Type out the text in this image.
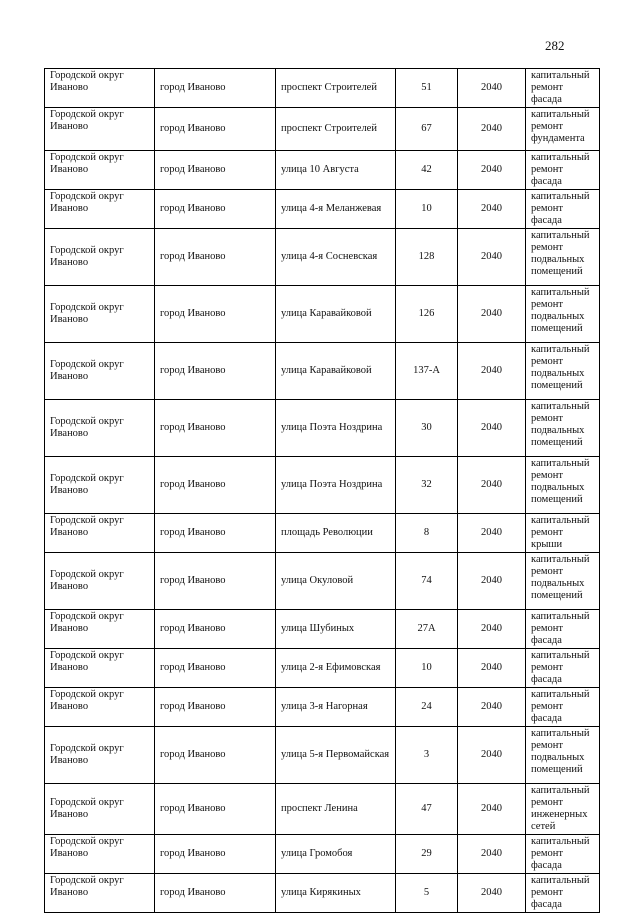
282
Городской округ Иваново	город Иваново	проспект Строителей	51	2040	капитальный ремонт фасада
Городской округ Иваново	город Иваново	проспект Строителей	67	2040	капитальный ремонт фундамента
Городской округ Иваново	город Иваново	улица 10 Августа	42	2040	капитальный ремонт фасада
Городской округ Иваново	город Иваново	улица 4-я Меланжевая	10	2040	капитальный ремонт фасада
Городской округ Иваново	город Иваново	улица 4-я Сосневская	128	2040	капитальный ремонт подвальных помещений
Городской округ Иваново	город Иваново	улица Каравайковой	126	2040	капитальный ремонт подвальных помещений
Городской округ Иваново	город Иваново	улица Каравайковой	137-А	2040	капитальный ремонт подвальных помещений
Городской округ Иваново	город Иваново	улица Поэта Ноздрина	30	2040	капитальный ремонт подвальных помещений
Городской округ Иваново	город Иваново	улица Поэта Ноздрина	32	2040	капитальный ремонт подвальных помещений
Городской округ Иваново	город Иваново	площадь Революции	8	2040	капитальный ремонт крыши
Городской округ Иваново	город Иваново	улица Окуловой	74	2040	капитальный ремонт подвальных помещений
Городской округ Иваново	город Иваново	улица Шубиных	27А	2040	капитальный ремонт фасада
Городской округ Иваново	город Иваново	улица 2-я Ефимовская	10	2040	капитальный ремонт фасада
Городской округ Иваново	город Иваново	улица 3-я Нагорная	24	2040	капитальный ремонт фасада
Городской округ Иваново	город Иваново	улица 5-я Первомайская	3	2040	капитальный ремонт подвальных помещений
Городской округ Иваново	город Иваново	проспект Ленина	47	2040	капитальный ремонт инженерных сетей
Городской округ Иваново	город Иваново	улица Громобоя	29	2040	капитальный ремонт фасада
Городской округ Иваново	город Иваново	улица Кирякиных	5	2040	капитальный ремонт фасада
